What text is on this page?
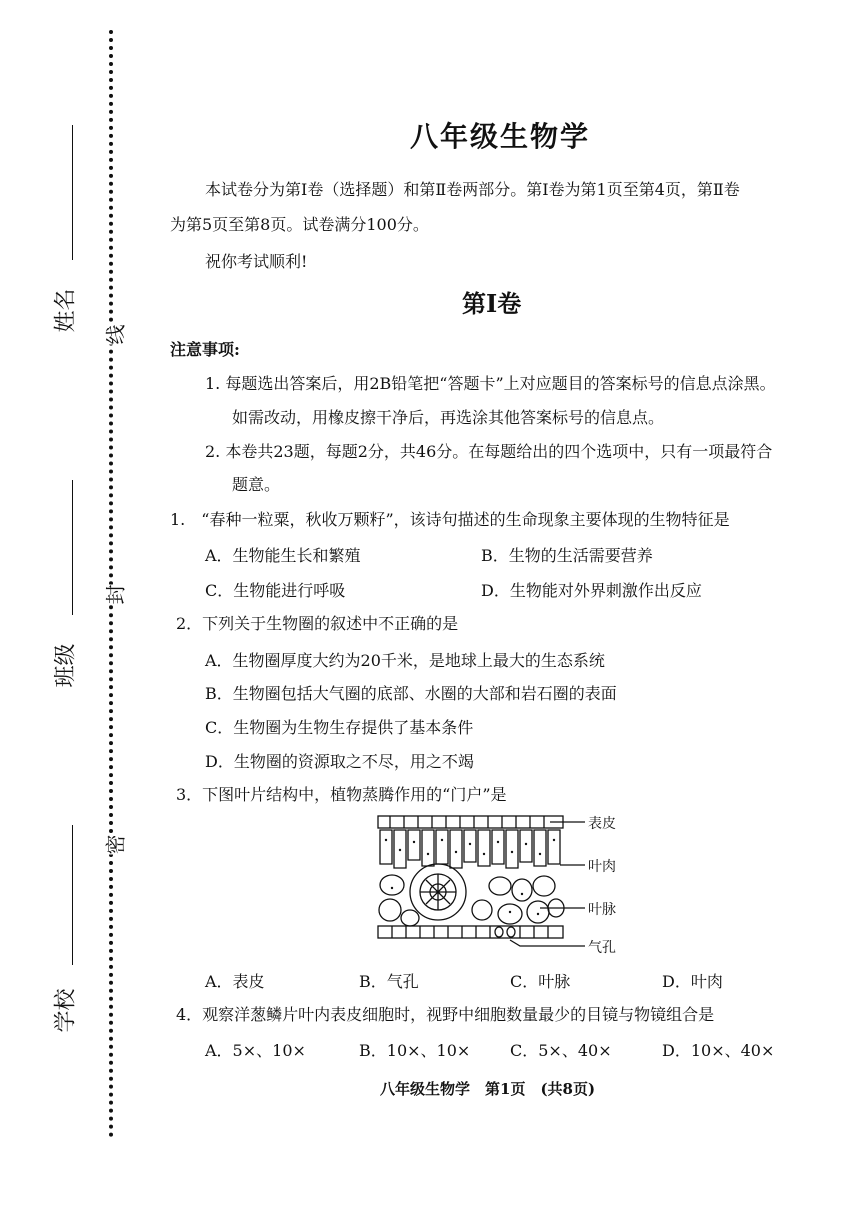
姓名
班级
学校
线
封
密
八年级生物学
本试卷分为第Ⅰ卷（选择题）和第Ⅱ卷两部分。第Ⅰ卷为第1页至第4页，第Ⅱ卷
为第5页至第8页。试卷满分100分。
祝你考试顺利!
第Ⅰ卷
注意事项:
1. 每题选出答案后，用2B铅笔把“答题卡”上对应题目的答案标号的信息点涂黑。
如需改动，用橡皮擦干净后，再选涂其他答案标号的信息点。
2. 本卷共23题，每题2分，共46分。在每题给出的四个选项中，只有一项最符合
题意。
1.　“春种一粒粟，秋收万颗籽”，该诗句描述的生命现象主要体现的生物特征是
A．生物能生长和繁殖	B．生物的生活需要营养
C．生物能进行呼吸	D．生物能对外界刺激作出反应
2．下列关于生物圈的叙述中不正确的是
A．生物圈厚度大约为20千米，是地球上最大的生态系统
B．生物圈包括大气圈的底部、水圈的大部和岩石圈的表面
C．生物圈为生物生存提供了基本条件
D．生物圈的资源取之不尽，用之不竭
3．下图叶片结构中，植物蒸腾作用的“门户”是
表皮
叶肉
叶脉
气孔
A．表皮	B．气孔	C．叶脉	D．叶肉
4．观察洋葱鳞片叶内表皮细胞时，视野中细胞数量最少的目镜与物镜组合是
A．5×、10×	B．10×、10× C．5×、40×	D．10×、40×
八年级生物学　第1页　(共8页)
